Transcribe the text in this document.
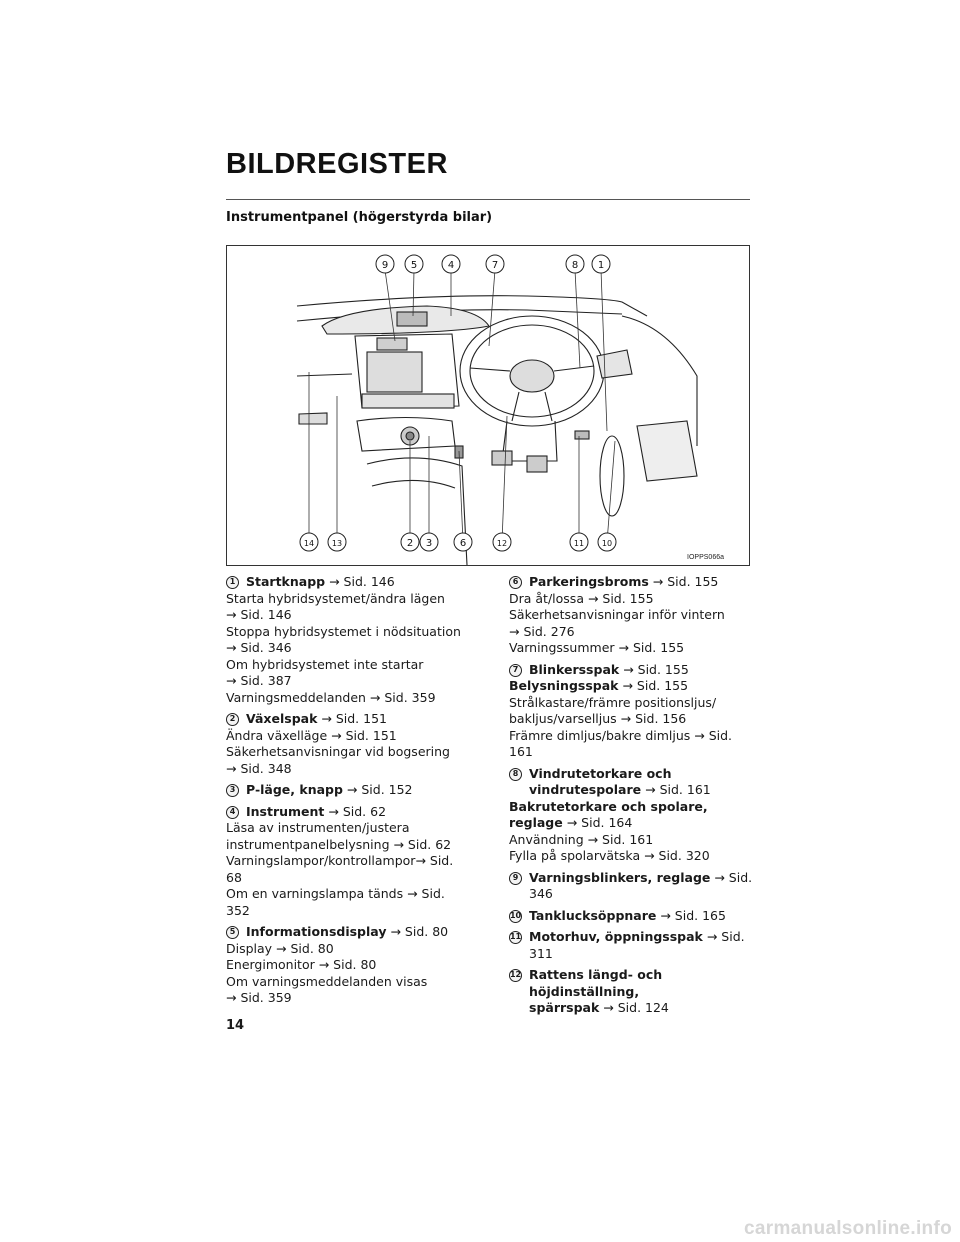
BILDREGISTER
Instrumentpanel (högerstyrda bilar)
9 5	4	7	8 1
14 13	2 3	6	12	11 10
IOPPS066a
1 Startknapp → Sid. 146
Starta hybridsystemet/ändra lägen
→ Sid. 146
Stoppa hybridsystemet i nödsituation
→ Sid. 346
Om hybridsystemet inte startar
→ Sid. 387
Varningsmeddelanden → Sid. 359
2 Växelspak → Sid. 151
Ändra växelläge → Sid. 151
Säkerhetsanvisningar vid bogsering
→ Sid. 348
3 P-läge, knapp → Sid. 152
4 Instrument → Sid. 62
Läsa av instrumenten/justera
instrumentpanelbelysning → Sid. 62
Varningslampor/kontrollampor→ Sid. 68
Om en varningslampa tänds → Sid. 352
5 Informationsdisplay → Sid. 80
Display → Sid. 80
Energimonitor → Sid. 80
Om varningsmeddelanden visas
→ Sid. 359
6 Parkeringsbroms → Sid. 155
Dra åt/lossa → Sid. 155
Säkerhetsanvisningar inför vintern
→ Sid. 276
Varningssummer → Sid. 155
7 Blinkersspak → Sid. 155
Belysningsspak → Sid. 155
Strålkastare/främre positionsljus/
bakljus/varselljus → Sid. 156
Främre dimljus/bakre dimljus → Sid. 161
8 Vindrutetorkare och vindrutespolare → Sid. 161
Bakrutetorkare och spolare, reglage → Sid. 164
Användning → Sid. 161
Fylla på spolarvätska → Sid. 320
9 Varningsblinkers, reglage → Sid. 346
10 Tanklucksöppnare → Sid. 165
11 Motorhuv, öppningsspak → Sid. 311
12 Rattens längd- och höjdinställning,
spärrspak → Sid. 124
14
carmanualsonline.info
